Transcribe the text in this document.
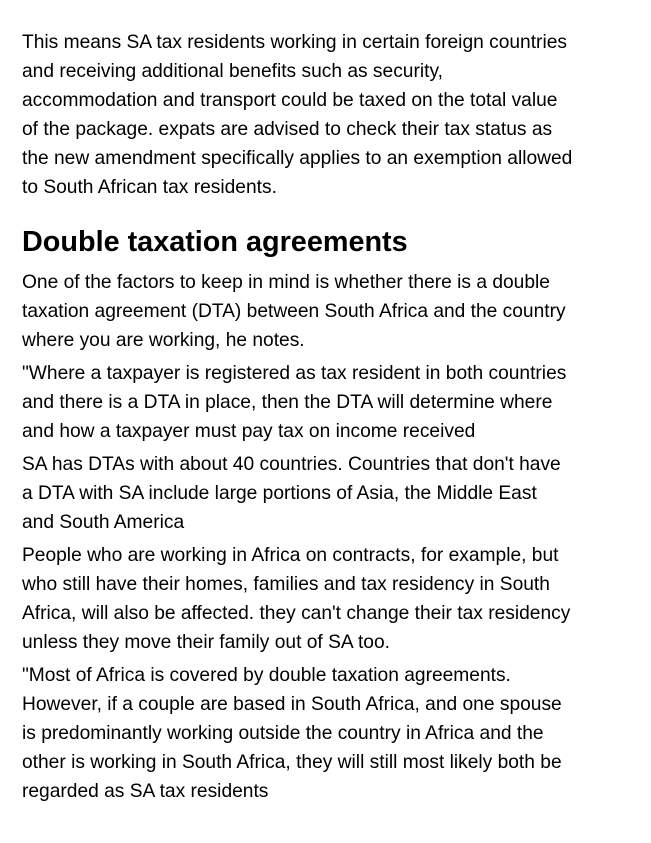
This means SA tax residents working in certain foreign countries
and receiving additional benefits such as security,
accommodation and transport could be taxed on the total value
of the package. expats are advised to check their tax status as
the new amendment specifically applies to an exemption allowed
to South African tax residents.
Double taxation agreements
One of the factors to keep in mind is whether there is a double
taxation agreement (DTA) between South Africa and the country
where you are working, he notes.
"Where a taxpayer is registered as tax resident in both countries
and there is a DTA in place, then the DTA will determine where
and how a taxpayer must pay tax on income received
SA has DTAs with about 40 countries. Countries that don't have
a DTA with SA include large portions of Asia, the Middle East
and South America
People who are working in Africa on contracts, for example, but
who still have their homes, families and tax residency in South
Africa, will also be affected. they can't change their tax residency
unless they move their family out of SA too.
"Most of Africa is covered by double taxation agreements.
However, if a couple are based in South Africa, and one spouse
is predominantly working outside the country in Africa and the
other is working in South Africa, they will still most likely both be
regarded as SA tax residents
